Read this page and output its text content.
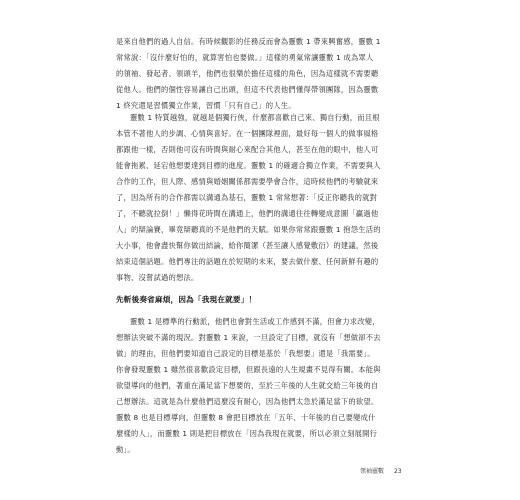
是來自他們的過人自信。有時候觀影的任務反而會為靈數 1 帶來興奮感，靈數 1
常常說：「沒什麼好怕的，就算害怕也要做。」這樣的勇氣常讓靈數 1 成為眾人
的領袖、發起者、領頭羊，他們也很樂於擔任這樣的角色，因為這樣就不需要聽
從他人。他們的個性容易讓自己出頭，但這不代表他們懂得帶領團隊，因為靈數
1 終究還是習慣獨立作業，習慣「只有自己」的人生。
靈數 1 特質越強，就越是個獨行俠，什麼都喜歡自己來、獨自行動，而且根
本管不著他人的步調、心情與喜好。在一個團隊裡面，最好每一個人的做事風格
都跟他一樣，否則他可沒有時間與耐心來配合其他人，甚至在他的眼中，他人可
能會拖累、延宕他想要達到目標的進度。靈數 1 的確適合獨立作業，不需要與人
合作的工作，但人際、感情與婚姻關係都需要學會合作，這時候他們的考驗就來
了，因為所有的合作都需以溝通為基石，靈數 1 常常想著：「反正你聽我的就對
了，不聽就拉倒！」懶得花時間在溝通上，他們的溝通往往轉變成意圖「贏過他
人」的辯論賽，畢竟辯聽真的不是他們的天賦。如果你常常跟靈數 1 抱怨生活的
大小事，他會盡快幫你做出結論，給你簡潔（甚至讓人感覺敷衍）的建議，然後
結束這個話題。他們專注的話題在於短期的未來，要去做什麼、任何新鮮有趣的
事物、沒嘗試過的想法。
先斬後奏省麻煩，因為「我現在就要」！
靈數 1 是標準的行動派，他們也會對生活或工作感到不滿，但會力求改變，
想辦法突破不滿的現況。對靈數 1 來說，一旦設定了目標，就沒有「想做卻不去
做」的理由，但他們要知道自己設定的目標是基於「我想要」還是「我需要」。
你會發現靈數 1 雖然很喜歡設定目標，但跟長遠的人生規畫不見得有關。本能與
欲望導向的他們，著重在滿足當下想要的，至於三年後的人生就交給三年後的自
己想辦法。這就是為什麼他們這麼沒有耐心，因為他們太急於滿足當下的欲望。
靈數 8 也是目標導向，但靈數 8 會把目標放在「五年、十年後的自己要變成什
麼樣的人」，而靈數 1 則是把目標放在「因為我現在就要，所以必須立刻展開行
動」。
領袖靈數 23
